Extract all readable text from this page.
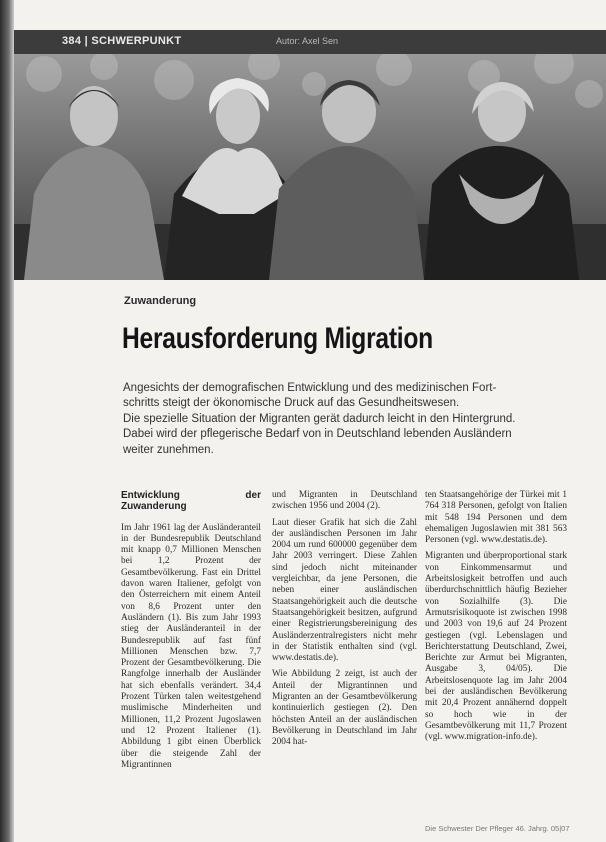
384 | SCHWERPUNKT	Autor: Axel Sen
Zuwanderung
Herausforderung Migration

Angesichts der demografischen Entwicklung und des medizinischen Fort-
schritts steigt der ökonomische Druck auf das Gesundheitswesen.
Die spezielle Situation der Migranten gerät dadurch leicht in den Hintergrund.
Dabei wird der pflegerische Bedarf von in Deutschland lebenden Ausländern
weiter zunehmen.

Entwicklung der Zuwanderung

Im Jahr 1961 lag der Ausländeranteil in der Bundesrepublik Deutschland mit knapp 0,7 Millionen Menschen bei 1,2 Prozent der Gesamtbevölkerung. Fast ein Drittel davon waren Italiener, gefolgt von den Österreichern mit einem Anteil von 8,6 Prozent unter den Ausländern (1). Bis zum Jahr 1993 stieg der Ausländeranteil in der Bundesrepublik auf fast fünf Millionen Menschen bzw. 7,7 Prozent der Gesamtbevölkerung. Die Rangfolge innerhalb der Ausländer hat sich ebenfalls verändert. 34,4 Prozent Türken talen weitestgehend muslimische Minderheiten und Millionen, 11,2 Prozent Jugoslawen und 12 Prozent Italiener (1). Abbildung 1 gibt einen Überblick über die steigende Zahl der Migrantinnen

und Migranten in Deutschland zwischen 1956 und 2004 (2).

Laut dieser Grafik hat sich die Zahl der ausländischen Personen im Jahr 2004 um rund 600000 gegenüber dem Jahr 2003 verringert. Diese Zahlen sind jedoch nicht miteinander vergleichbar, da jene Personen, die neben einer ausländischen Staatsangehörigkeit auch die deutsche Staatsangehörigkeit besitzen, aufgrund einer Registrierungsbereinigung des Ausländerzentralregisters nicht mehr in der Statistik enthalten sind (vgl. www.destatis.de).

Wie Abbildung 2 zeigt, ist auch der Anteil der Migrantinnen und Migranten an der Gesamtbevölkerung kontinuierlich gestiegen (2). Den höchsten Anteil an der ausländischen Bevölkerung in Deutschland im Jahr 2004 hat-

ten Staatsangehörige der Türkei mit 1 764 318 Personen, gefolgt von Italien mit 548 194 Personen und dem ehemaligen Jugoslawien mit 381 563 Personen (vgl. www.destatis.de).

Migranten und überproportional stark von Einkommensarmut und Arbeitslosigkeit betroffen und auch überdurchschnittlich häufig Bezieher von Sozialhilfe (3). Die Armutsrisikoquote ist zwischen 1998 und 2003 von 19,6 auf 24 Prozent gestiegen (vgl. Lebenslagen und Berichterstattung Deutschland, Zwei, Berichte zur Armut bei Migranten, Ausgabe 3, 04/05). Die Arbeitslosenquote lag im Jahr 2004 bei der ausländischen Bevölkerung mit 20,4 Prozent annähernd doppelt so hoch wie in der Gesamtbevölkerung mit 11,7 Prozent (vgl. www.migration-info.de).

Die Schwester Der Pfleger 46. Jahrg. 05|07
